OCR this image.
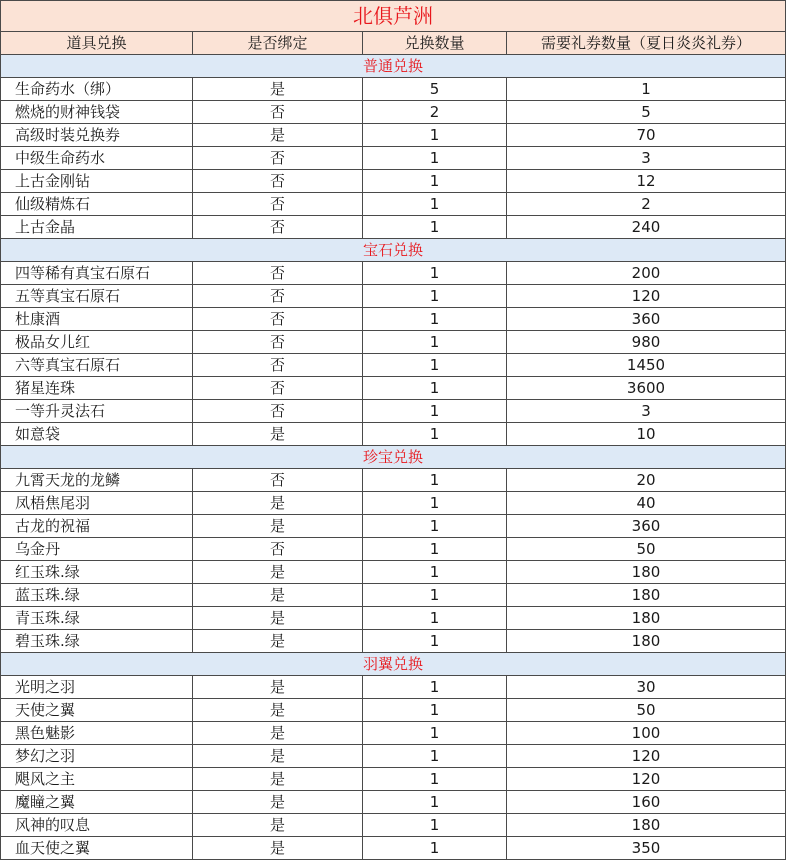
北俱芦洲			
道具兑换	是否绑定	兑换数量	需要礼券数量（夏日炎炎礼券）
普通兑换			
生命药水（绑）	是	5	1
燃烧的财神钱袋	否	2	5
高级时装兑换券	是	1	70
中级生命药水	否	1	3
上古金刚钻	否	1	12
仙级精炼石	否	1	2
上古金晶	否	1	240
宝石兑换			
四等稀有真宝石原石	否	1	200
五等真宝石原石	否	1	120
杜康酒	否	1	360
极品女儿红	否	1	980
六等真宝石原石	否	1	1450
猪星连珠	否	1	3600
一等升灵法石	否	1	3
如意袋	是	1	10
珍宝兑换			
九霄天龙的龙鳞	否	1	20
凤梧焦尾羽	是	1	40
古龙的祝福	是	1	360
乌金丹	否	1	50
红玉珠.绿	是	1	180
蓝玉珠.绿	是	1	180
青玉珠.绿	是	1	180
碧玉珠.绿	是	1	180
羽翼兑换			
光明之羽	是	1	30
天使之翼	是	1	50
黑色魅影	是	1	100
梦幻之羽	是	1	120
飓风之主	是	1	120
魔瞳之翼	是	1	160
风神的叹息	是	1	180
血天使之翼	是	1	350
